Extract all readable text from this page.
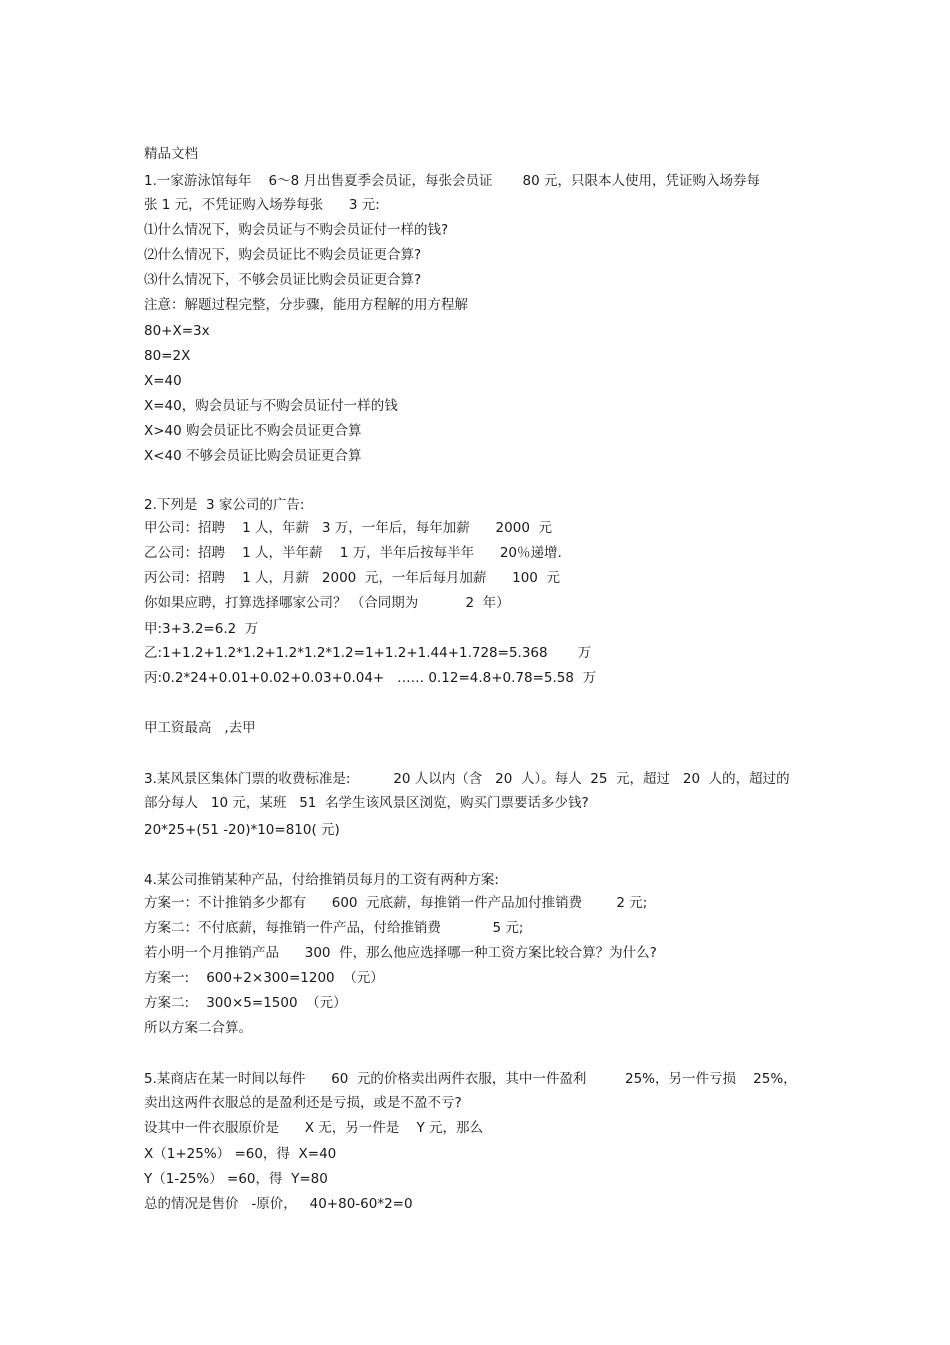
精品文档
1.一家游泳馆每年    6～8 月出售夏季会员证，每张会员证       80 元，只限本人使用，凭证购入场券每
张 1 元，不凭证购入场券每张      3 元:
⑴什么情况下，购会员证与不购会员证付一样的钱?
⑵什么情况下，购会员证比不购会员证更合算?
⑶什么情况下，不够会员证比购会员证更合算?
注意：解题过程完整，分步骤，能用方程解的用方程解
80+X=3x
80=2X
X=40
X=40，购会员证与不购会员证付一样的钱
X>40 购会员证比不购会员证更合算
X<40 不够会员证比购会员证更合算
2.下列是  3 家公司的广告:
甲公司：招聘    1 人，年薪   3 万，一年后，每年加薪      2000  元
乙公司：招聘    1 人，半年薪    1 万，半年后按每半年      20％递增.
丙公司：招聘    1 人，月薪   2000  元，一年后每月加薪      100  元
你如果应聘，打算选择哪家公司？ （合同期为           2  年）
甲:3+3.2=6.2  万
乙:1+1.2+1.2*1.2+1.2*1.2*1.2=1+1.2+1.44+1.728=5.368       万
丙:0.2*24+0.01+0.02+0.03+0.04+   …… 0.12=4.8+0.78=5.58  万
甲工资最高   ,去甲
3.某风景区集体门票的收费标准是:          20 人以内（含   20  人）。每人  25  元，超过   20  人的，超过的
部分每人   10 元，某班   51  名学生该风景区浏览，购买门票要话多少钱?
20*25+(51 -20)*10=810( 元)
4.某公司推销某种产品，付给推销员每月的工资有两种方案:
方案一：不计推销多少都有      600  元底薪，每推销一件产品加付推销费        2 元;
方案二：不付底薪，每推销一件产品，付给推销费            5 元;
若小明一个月推销产品      300  件，那么他应选择哪一种工资方案比较合算？为什么?
方案一:    600+2×300=1200  （元）
方案二:    300×5=1500  （元）
所以方案二合算。
5.某商店在某一时间以每件      60  元的价格卖出两件衣服，其中一件盈利         25%，另一件亏损    25%，
卖出这两件衣服总的是盈利还是亏损，或是不盈不亏?
设其中一件衣服原价是      X 无，另一件是    Y 元，那么
X（1+25%） =60，得  X=40
Y（1-25%） =60，得  Y=80
总的情况是售价   -原价，   40+80-60*2=0
